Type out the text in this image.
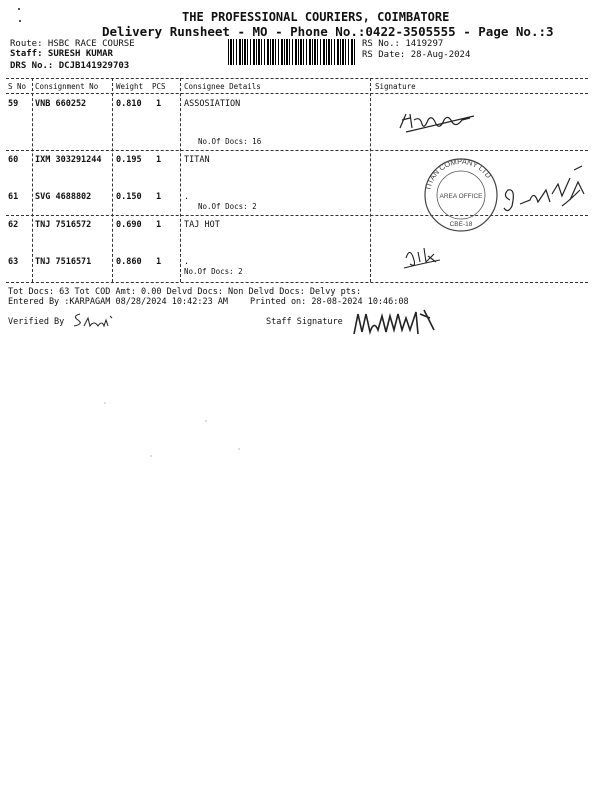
THE PROFESSIONAL COURIERS, COIMBATORE
Delivery Runsheet - MO - Phone No.:0422-3505555 - Page No.:3
Route: HSBC RACE COURSE
Staff: SURESH KUMAR
DRS No.: DCJB141929703
RS No.: 1419297
RS Date: 28-Aug-2024
S No Consignment No Weight PCS Consignee Details	Signature
59 VNB 660252	0.810 1	ASSOSIATION
No.Of Docs: 16
60 IXM 303291244 0.195 1	TITAN
61 SVG 4688802	0.150 1	.
No.Of Docs: 2
62 TNJ 7516572	0.690 1	TAJ HOT
63 TNJ 7516571	0.860 1	.
No.Of Docs: 2
TITAN COMPANY LTD
AREA OFFICE
CBE-18
Tot Docs: 63 Tot COD Amt: 0.00 Delvd Docs: Non Delvd Docs: Delvy pts:
Entered By :KARPAGAM 08/28/2024 10:42:23 AM	Printed on: 28-08-2024 10:46:08
Verified By	Staff Signature
